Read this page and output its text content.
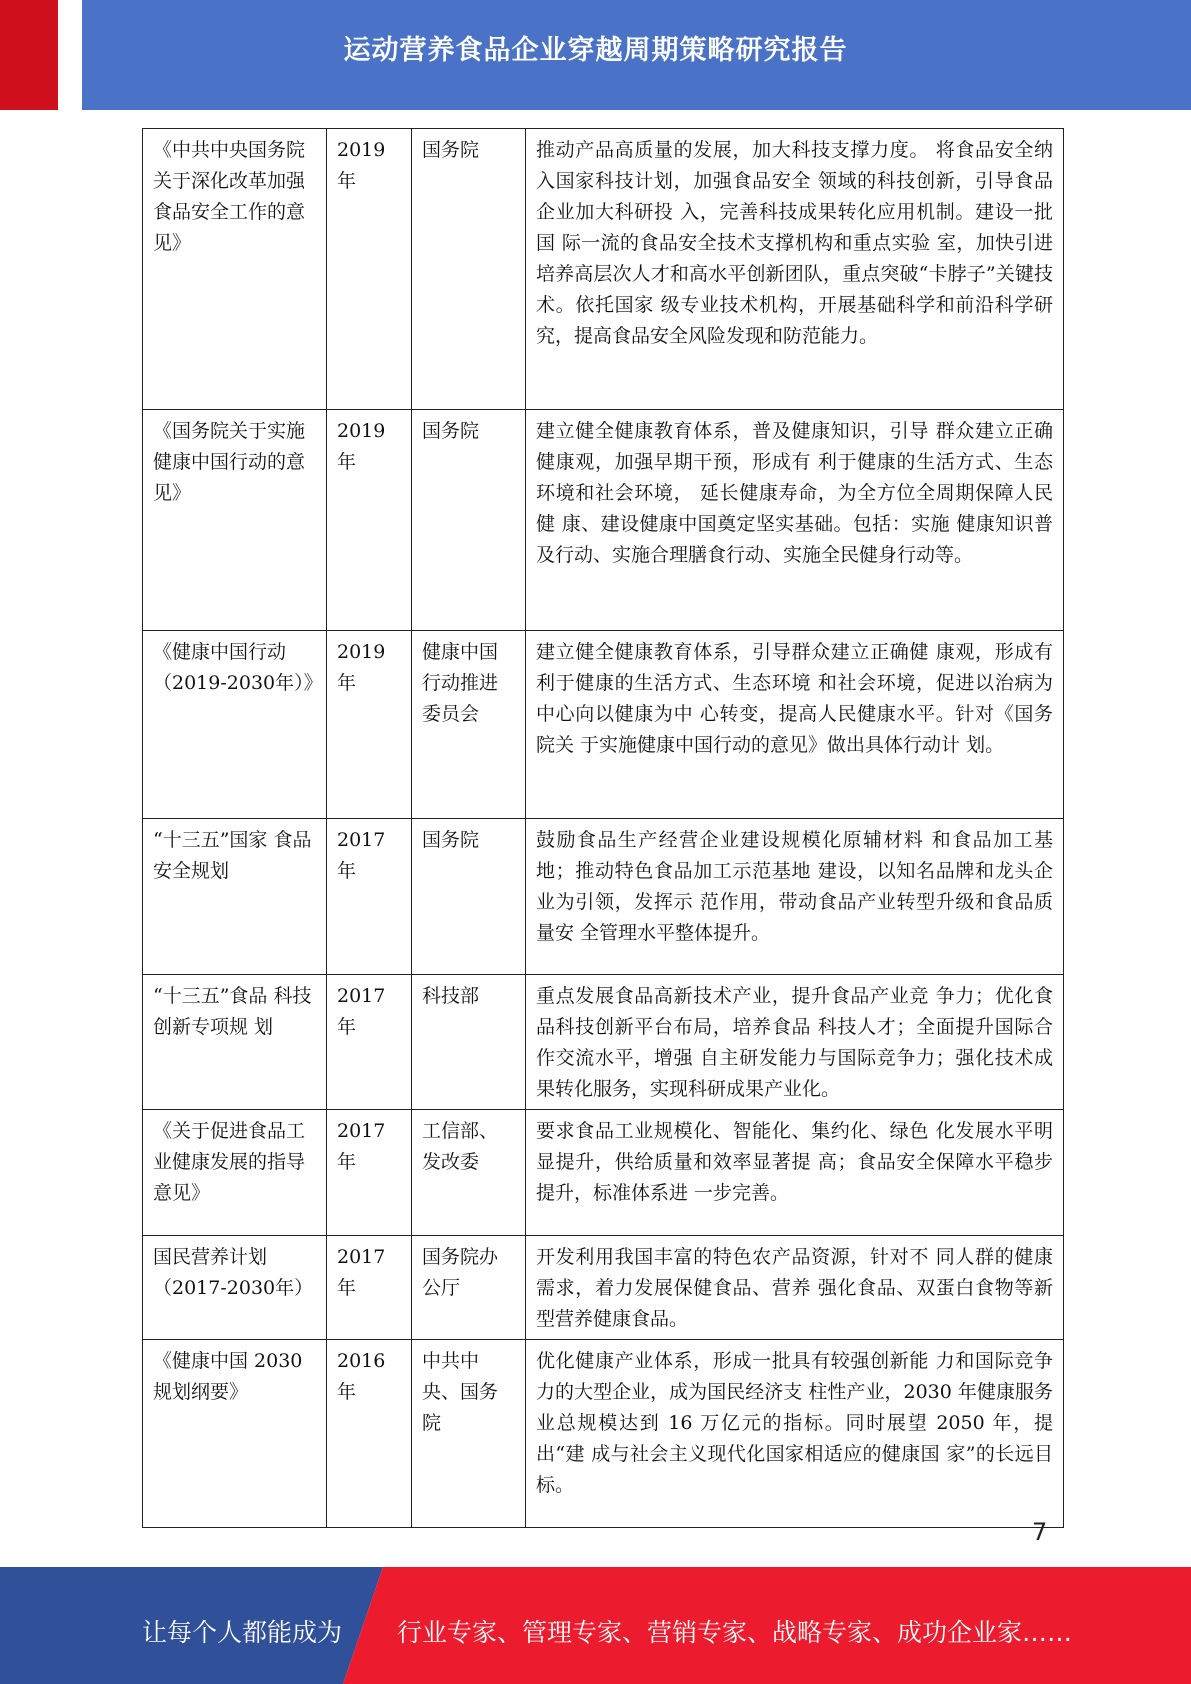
运动营养食品企业穿越周期策略研究报告
《中共中央国务院关于深化改革加强食品安全工作的意见》	2019年	国务院	推动产品高质量的发展，加大科技支撑力度。 将食品安全纳入国家科技计划，加强食品安全 领域的科技创新，引导食品企业加大科研投 入，完善科技成果转化应用机制。建设一批国 际一流的食品安全技术支撑机构和重点实验 室，加快引进培养高层次人才和高水平创新团队，重点突破“卡脖子”关键技术。依托国家 级专业技术机构，开展基础科学和前沿科学研 究，提高食品安全风险发现和防范能力。
《国务院关于实施健康中国行动的意见》	2019年	国务院	建立健全健康教育体系，普及健康知识，引导 群众建立正确健康观，加强早期干预，形成有 利于健康的生活方式、生态环境和社会环境， 延长健康寿命，为全方位全周期保障人民健 康、建设健康中国奠定坚实基础。包括：实施 健康知识普及行动、实施合理膳食行动、实施全民健身行动等。
《健康中国行动（2019-2030年）》	2019年	健康中国行动推进委员会	建立健全健康教育体系，引导群众建立正确健 康观，形成有利于健康的生活方式、生态环境 和社会环境，促进以治病为中心向以健康为中 心转变，提高人民健康水平。针对《国务院关 于实施健康中国行动的意见》做出具体行动计 划。
“十三五”国家 食品安全规划	2017年	国务院	鼓励食品生产经营企业建设规模化原辅材料 和食品加工基地；推动特色食品加工示范基地 建设，以知名品牌和龙头企业为引领，发挥示 范作用，带动食品产业转型升级和食品质量安 全管理水平整体提升。
“十三五”食品 科技创新专项规 划	2017年	科技部	重点发展食品高新技术产业，提升食品产业竞 争力；优化食品科技创新平台布局，培养食品 科技人才；全面提升国际合作交流水平，增强 自主研发能力与国际竞争力；强化技术成果转化服务，实现科研成果产业化。
《关于促进食品工业健康发展的指导意见》	2017年	工信部、发改委	要求食品工业规模化、智能化、集约化、绿色 化发展水平明显提升，供给质量和效率显著提 高；食品安全保障水平稳步提升，标准体系进 一步完善。
国民营养计划（2017-2030年）	2017年	国务院办公厅	开发利用我国丰富的特色农产品资源，针对不 同人群的健康需求，着力发展保健食品、营养 强化食品、双蛋白食物等新型营养健康食品。
《健康中国 2030 规划纲要》	2016年	中共中央、国务院	优化健康产业体系，形成一批具有较强创新能 力和国际竞争力的大型企业，成为国民经济支 柱性产业，2030 年健康服务业总规模达到 16 万亿元的指标。同时展望 2050 年，提出“建 成与社会主义现代化国家相适应的健康国 家”的长远目标。
7
让每个人都能成为 行业专家、管理专家、营销专家、战略专家、成功企业家……
